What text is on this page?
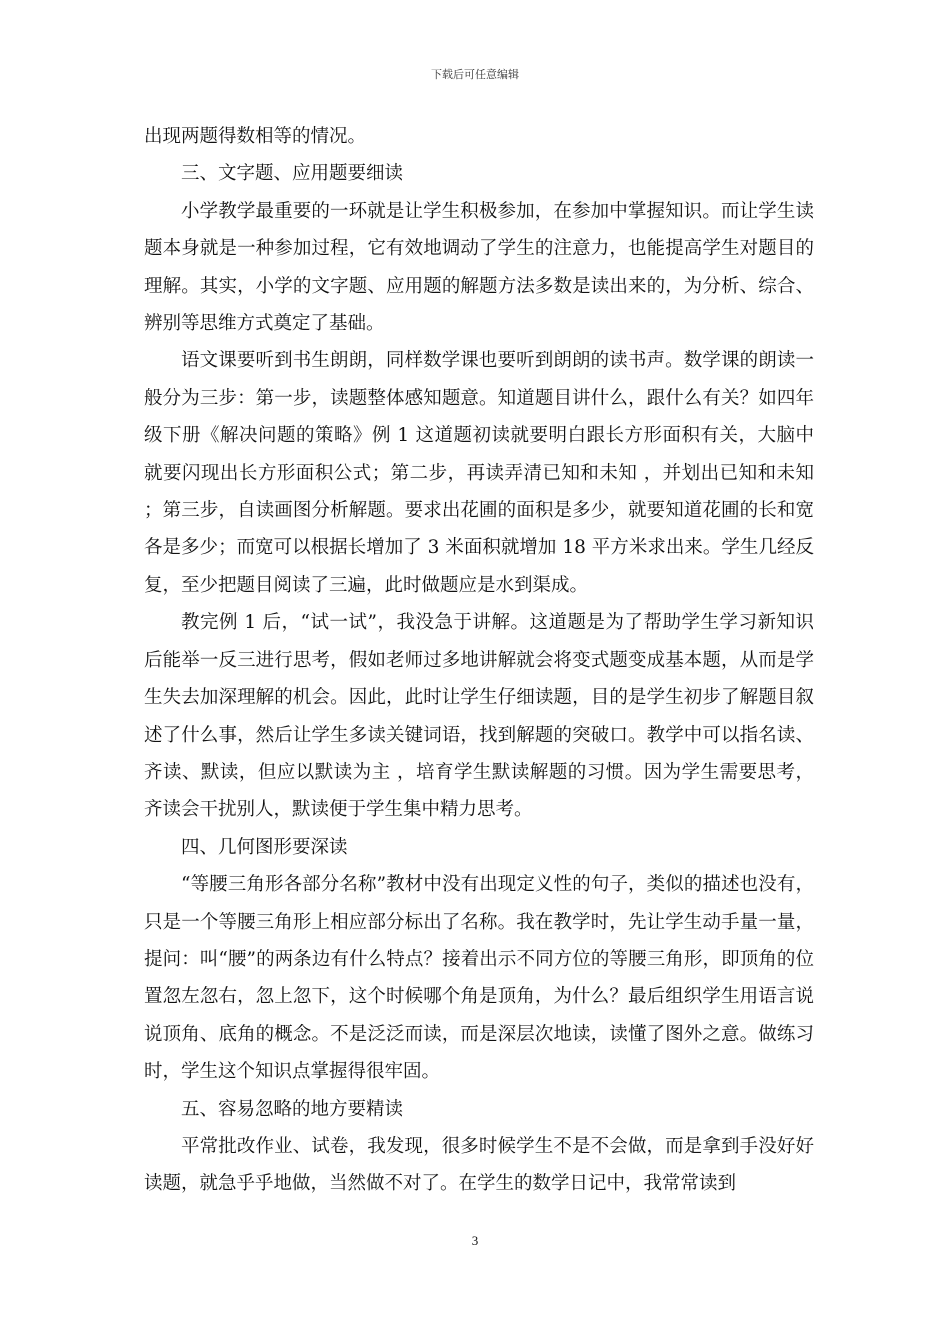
下载后可任意编辑

出现两题得数相等的情况。

三、文字题、应用题要细读

小学教学最重要的一环就是让学生积极参加，在参加中掌握知识。而让学生读题本身就是一种参加过程，它有效地调动了学生的注意力，也能提高学生对题目的理解。其实，小学的文字题、应用题的解题方法多数是读出来的，为分析、综合、辨别等思维方式奠定了基础。

语文课要听到书生朗朗，同样数学课也要听到朗朗的读书声。数学课的朗读一般分为三步：第一步，读题整体感知题意。知道题目讲什么，跟什么有关？如四年级下册《解决问题的策略》例 1 这道题初读就要明白跟长方形面积有关，大脑中就要闪现出长方形面积公式；第二步，再读弄清已知和未知 ，并划出已知和未知 ；第三步，自读画图分析解题。要求出花圃的面积是多少，就要知道花圃的长和宽各是多少；而宽可以根据长增加了 3 米面积就增加 18 平方米求出来。学生几经反复，至少把题目阅读了三遍，此时做题应是水到渠成。

教完例 1 后，“试一试”，我没急于讲解。这道题是为了帮助学生学习新知识后能举一反三进行思考，假如老师过多地讲解就会将变式题变成基本题，从而是学生失去加深理解的机会。因此，此时让学生仔细读题，目的是学生初步了解题目叙述了什么事，然后让学生多读关键词语，找到解题的突破口。教学中可以指名读、齐读、默读，但应以默读为主 ，培育学生默读解题的习惯。因为学生需要思考，齐读会干扰别人，默读便于学生集中精力思考。

四、几何图形要深读

“等腰三角形各部分名称”教材中没有出现定义性的句子，类似的描述也没有，只是一个等腰三角形上相应部分标出了名称。我在教学时，先让学生动手量一量，提问：叫“腰”的两条边有什么特点？接着出示不同方位的等腰三角形，即顶角的位置忽左忽右，忽上忽下，这个时候哪个角是顶角，为什么？最后组织学生用语言说说顶角、底角的概念。不是泛泛而读，而是深层次地读，读懂了图外之意。做练习时，学生这个知识点掌握得很牢固。

五、容易忽略的地方要精读

平常批改作业、试卷，我发现，很多时候学生不是不会做，而是拿到手没好好读题，就急乎乎地做，当然做不对了。在学生的数学日记中，我常常读到

3
